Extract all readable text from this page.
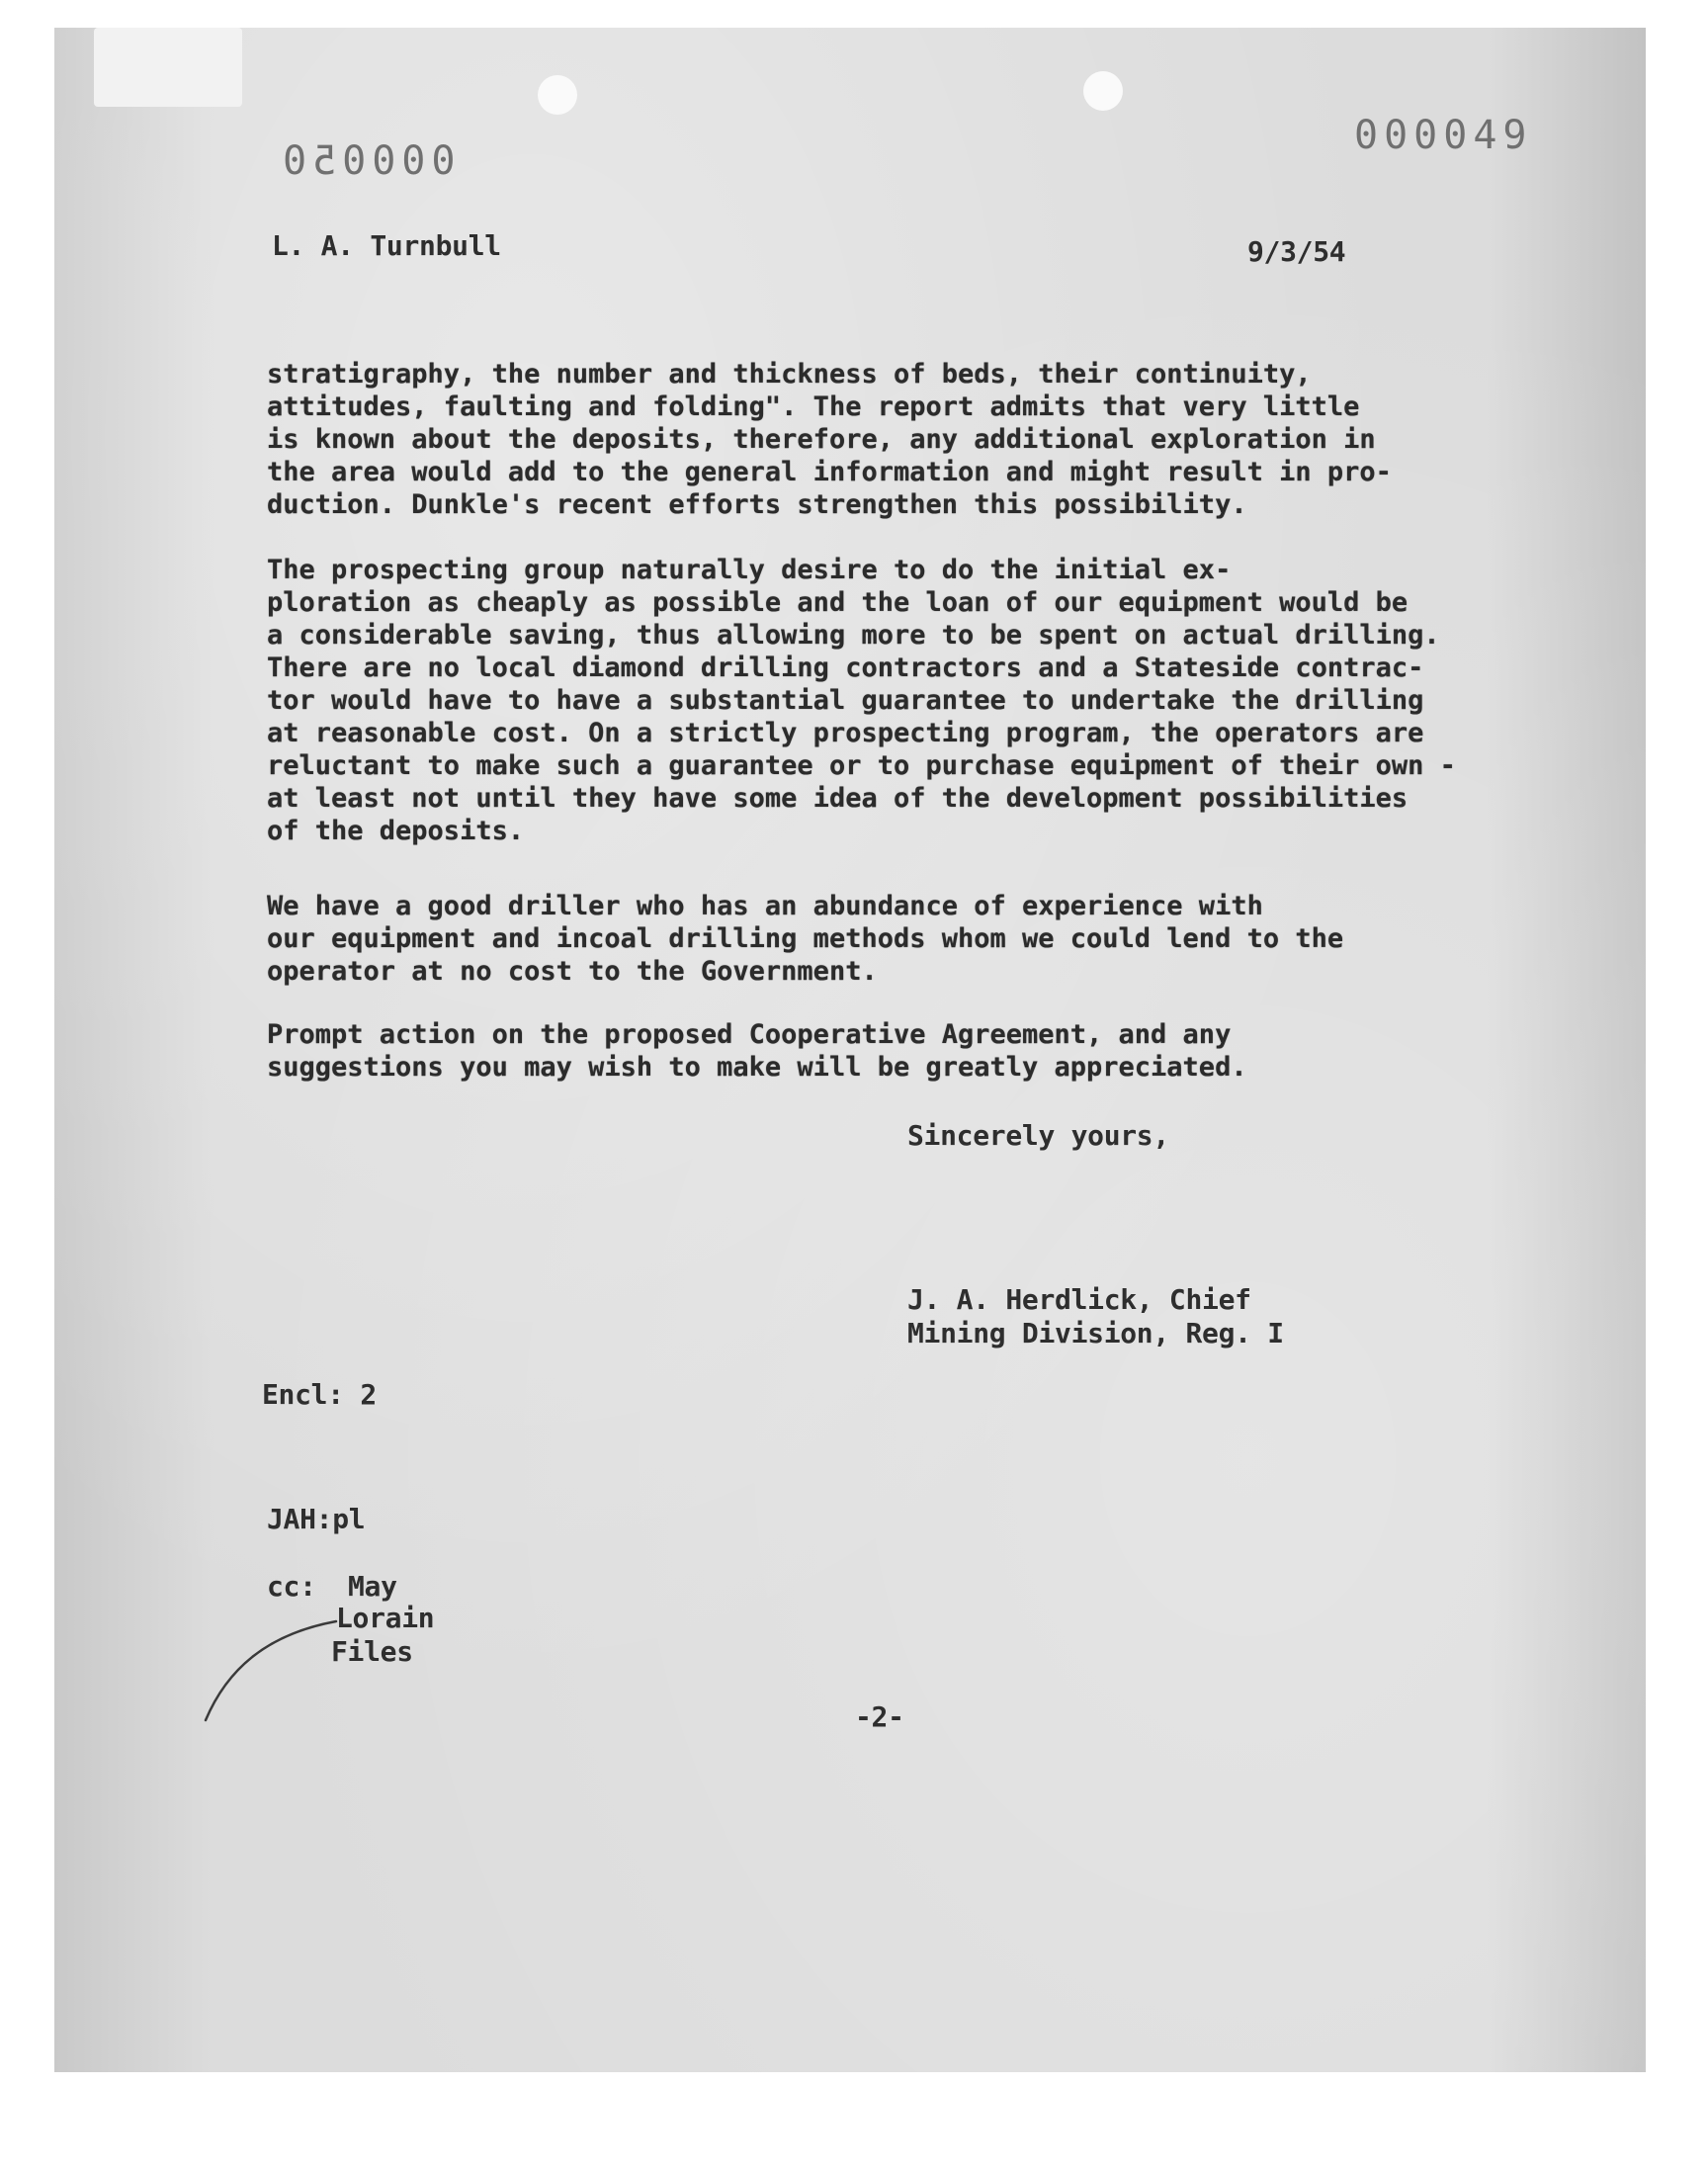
000050
000049
L. A. Turnbull	9/3/54

stratigraphy, the number and thickness of beds, their continuity,
attitudes, faulting and folding". The report admits that very little
is known about the deposits, therefore, any additional exploration in
the area would add to the general information and might result in pro-
duction. Dunkle's recent efforts strengthen this possibility.

The prospecting group naturally desire to do the initial ex-
ploration as cheaply as possible and the loan of our equipment would be
a considerable saving, thus allowing more to be spent on actual drilling.
There are no local diamond drilling contractors and a Stateside contrac-
tor would have to have a substantial guarantee to undertake the drilling
at reasonable cost. On a strictly prospecting program, the operators are
reluctant to make such a guarantee or to purchase equipment of their own -
at least not until they have some idea of the development possibilities
of the deposits.

We have a good driller who has an abundance of experience with
our equipment and incoal drilling methods whom we could lend to the
operator at no cost to the Government.

Prompt action on the proposed Cooperative Agreement, and any
suggestions you may wish to make will be greatly appreciated.

Sincerely yours,
J. A. Herdlick, Chief
Mining Division, Reg. I
Encl: 2
JAH:pl
cc: May
Lorain
Files
-2-
